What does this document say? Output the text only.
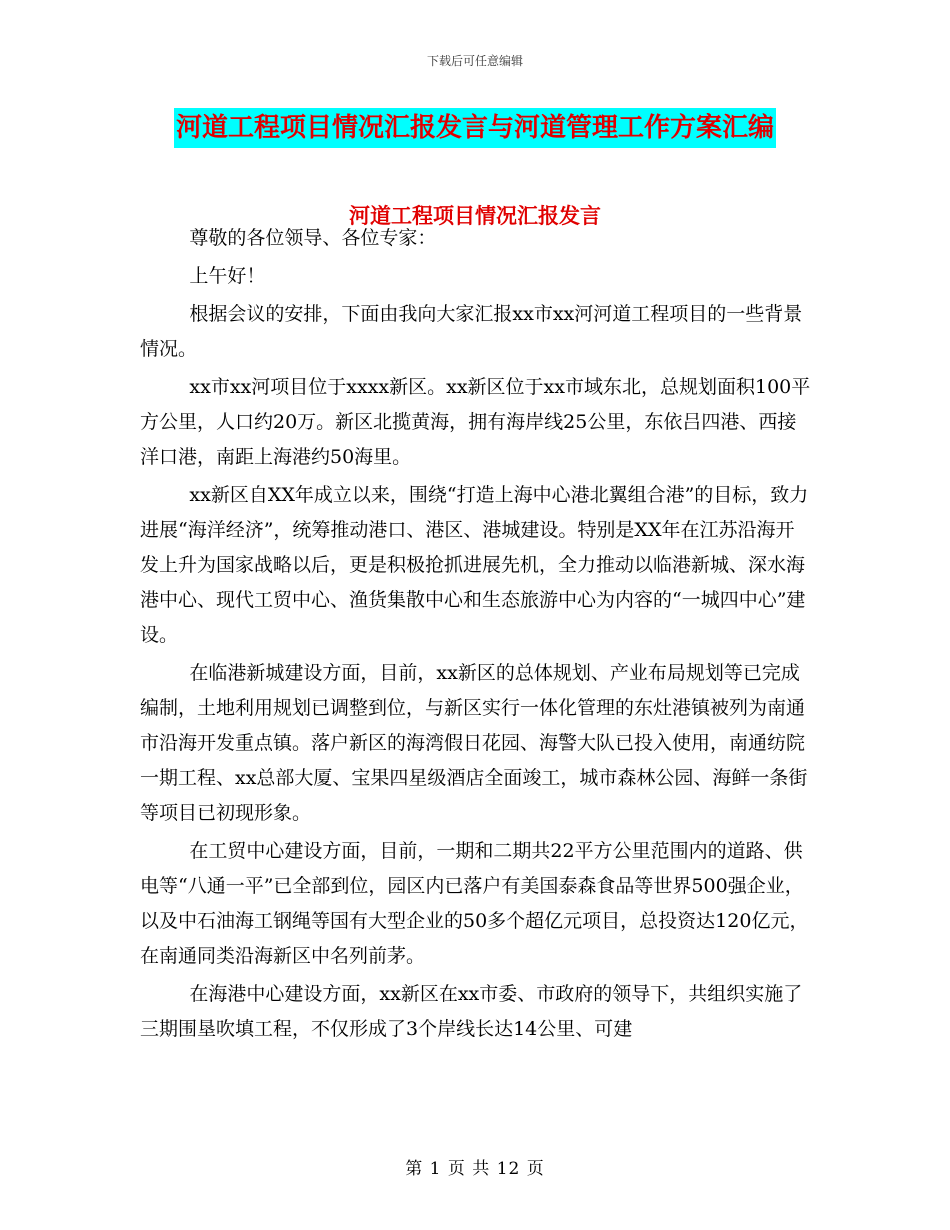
下载后可任意编辑
河道工程项目情况汇报发言与河道管理工作方案汇编
河道工程项目情况汇报发言

尊敬的各位领导、各位专家：

上午好！

根据会议的安排，下面由我向大家汇报xx市xx河河道工程项目的一些背景情况。

xx市xx河项目位于xxxx新区。xx新区位于xx市域东北，总规划面积100平方公里，人口约20万。新区北揽黄海，拥有海岸线25公里，东依吕四港、西接洋口港，南距上海港约50海里。

xx新区自XX年成立以来，围绕“打造上海中心港北翼组合港”的目标，致力进展“海洋经济”，统筹推动港口、港区、港城建设。特别是XX年在江苏沿海开发上升为国家战略以后，更是积极抢抓进展先机，全力推动以临港新城、深水海港中心、现代工贸中心、渔货集散中心和生态旅游中心为内容的“一城四中心”建设。

在临港新城建设方面，目前，xx新区的总体规划、产业布局规划等已完成编制，土地利用规划已调整到位，与新区实行一体化管理的东灶港镇被列为南通市沿海开发重点镇。落户新区的海湾假日花园、海警大队已投入使用，南通纺院一期工程、xx总部大厦、宝果四星级酒店全面竣工，城市森林公园、海鲜一条街等项目已初现形象。

在工贸中心建设方面，目前，一期和二期共22平方公里范围内的道路、供电等“八通一平”已全部到位，园区内已落户有美国泰森食品等世界500强企业，以及中石油海工钢绳等国有大型企业的50多个超亿元项目，总投资达120亿元，在南通同类沿海新区中名列前茅。

在海港中心建设方面，xx新区在xx市委、市政府的领导下，共组织实施了三期围垦吹填工程，不仅形成了3个岸线长达14公里、可建

第 1 页 共 12 页
